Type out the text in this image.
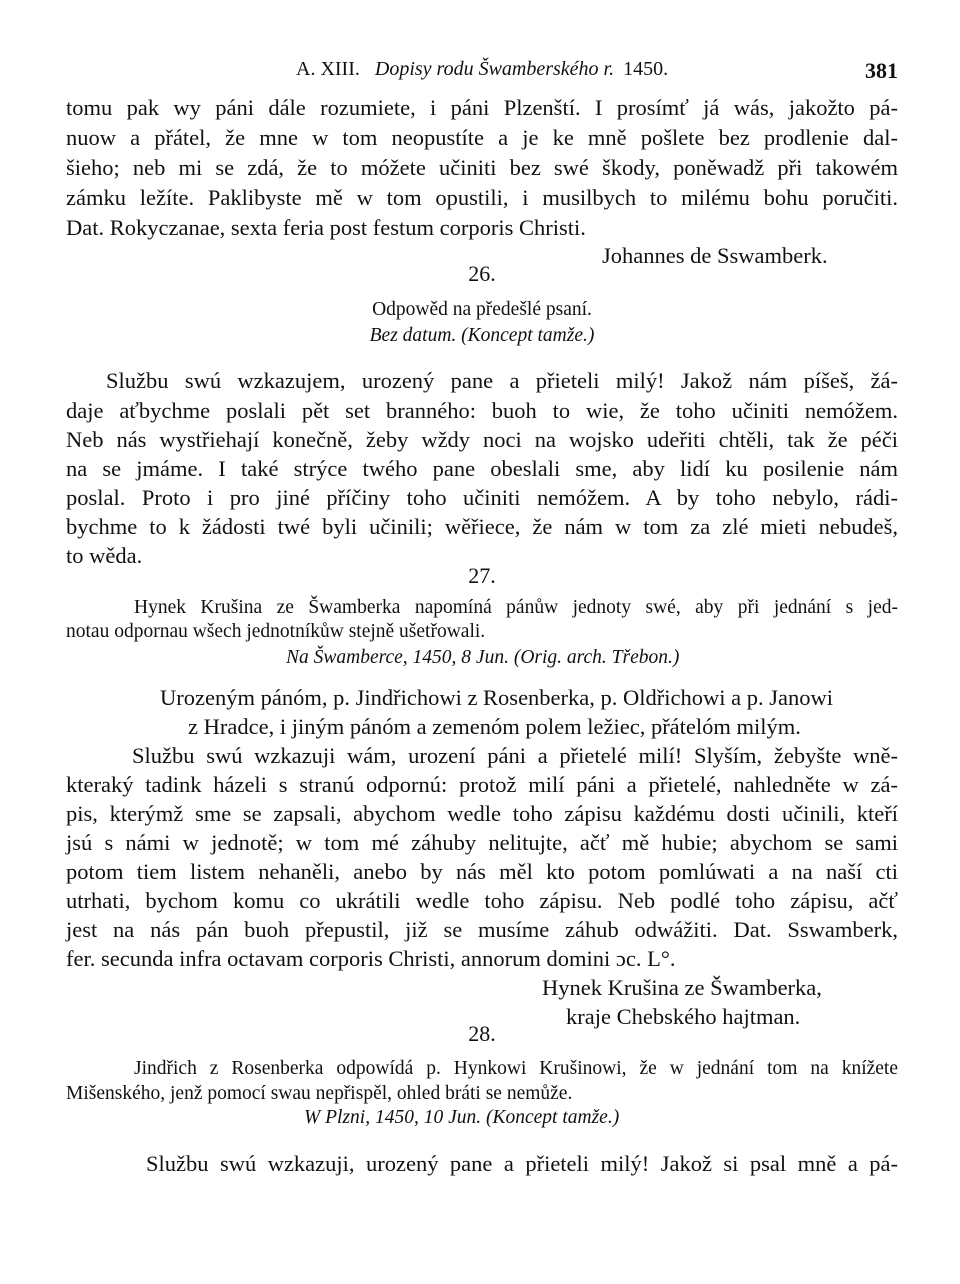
A. XIII. Dopisy rodu Šwamberského r. 1450.	381
tomu pak wy páni dále rozumiete, i páni Plzenští. I prosímť já wás, jakožto pá-
nuow a přátel, že mne w tom neopustíte a je ke mně pošlete bez prodlenie dal-
šieho; neb mi se zdá, že to móžete učiniti bez swé škody, poněwadž při takowém
zámku ležíte. Paklibyste mě w tom opustili, i musilbych to milému bohu poručiti.
Dat. Rokyczanae, sexta feria post festum corporis Christi.
Johannes de Sswamberk.
26.
Odpowěd na předešlé psaní.
Bez datum. (Koncept tamže.)
Službu swú wzkazujem, urozený pane a přieteli milý! Jakož nám píšeš, žá-
daje aťbychme poslali pět set branného: buoh to wie, že toho učiniti nemóžem.
Neb nás wystřiehají konečně, žeby wždy noci na wojsko udeřiti chtěli, tak že péči
na se jmáme. I také strýce twého pane obeslali sme, aby lidí ku posilenie nám
poslal. Proto i pro jiné příčiny toho učiniti nemóžem. A by toho nebylo, rádi-
bychme to k žádosti twé byli učinili; wěřiece, že nám w tom za zlé mieti nebudeš,
to wěda.
27.
Hynek Krušina ze Šwamberka napomíná pánůw jednoty swé, aby při jednání s jed-
notau odpornau wšech jednotníkůw stejně ušetřowali.
Na Šwamberce, 1450, 8 Jun. (Orig. arch. Třebon.)
Urozeným pánóm, p. Jindřichowi z Rosenberka, p. Oldřichowi a p. Janowi
z Hradce, i jiným pánóm a zemenóm polem ležiec, přátelóm milým.
Službu swú wzkazuji wám, urození páni a přietelé milí! Slyším, žebyšte wně-
kteraký tadink házeli s stranú odpornú: protož milí páni a přietelé, nahledněte w zá-
pis, kterýmž sme se zapsali, abychom wedle toho zápisu každému dosti učinili, kteří
jsú s námi w jednotě; w tom mé záhuby nelitujte, ačť mě hubie; abychom se sami
potom tiem listem nehaněli, anebo by nás měl kto potom pomlúwati a na naší cti
utrhati, bychom komu co ukrátili wedle toho zápisu. Neb podlé toho zápisu, ačť
jest na nás pán buoh přepustil, již se musíme záhub odwážiti. Dat. Sswamberk,
fer. secunda infra octavam corporis Christi, annorum domini ɔc. L°.
Hynek Krušina ze Šwamberka,
kraje Chebského hajtman.
28.
Jindřich z Rosenberka odpowídá p. Hynkowi Krušinowi, že w jednání tom na knížete
Mišenského, jenž pomocí swau nepřispěl, ohled bráti se nemůže.
W Plzni, 1450, 10 Jun. (Koncept tamže.)
Službu swú wzkazuji, urozený pane a přieteli milý! Jakož si psal mně a pá-
